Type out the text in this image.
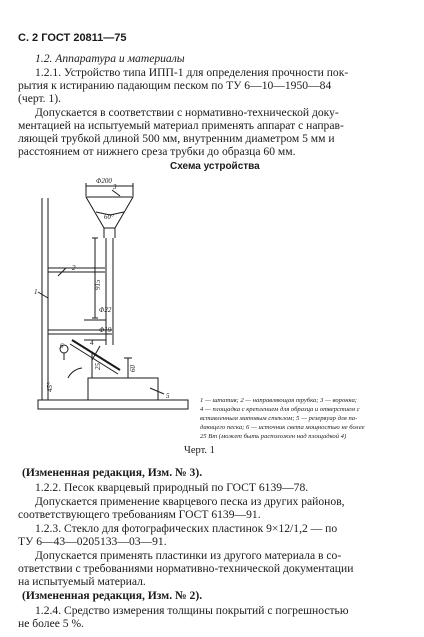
С. 2 ГОСТ 20811—75
1.2. Аппаратура и материалы
1.2.1. Устройство типа ИПП-1 для определения прочности пок-
рытия к истиранию падающим песком по ТУ 6—10—1950—84
(черт. 1).
Допускается в соответствии с нормативно-технической доку-
ментацией на испытуемый материал применять аппарат с направ-
ляющей трубкой длиной 500 мм, внутренним диаметром 5 мм и
расстоянием от нижнего среза трубки до образца 60 мм.
Схема устройства
Φ200
3
60°
2
1
915
Φ22
Φ19
6	4
25	60
45°
5
1 — штатив; 2 — направляющая трубка; 3 — воронка;
4 — площадка с креплением для образца и отверстием с
вставленным матовым стеклом; 5 — резервуар для па-
дающего песка; 6 — источник света мощностью не более
25 Вт (может быть расположен над площадкой 4)
Черт. 1
(Измененная редакция, Изм. № 3).
1.2.2. Песок кварцевый природный по ГОСТ 6139—78.
Допускается применение кварцевого песка из других районов,
соответствующего требованиям ГОСТ 6139—91.
1.2.3. Стекло для фотографических пластинок 9×12/1,2 — по
ТУ 6—43—0205133—03—91.
Допускается применять пластинки из другого материала в со-
ответствии с требованиями нормативно-технической документации
на испытуемый материал.
(Измененная редакция, Изм. № 2).
1.2.4. Средство измерения толщины покрытий с погрешностью
не более 5 %.
